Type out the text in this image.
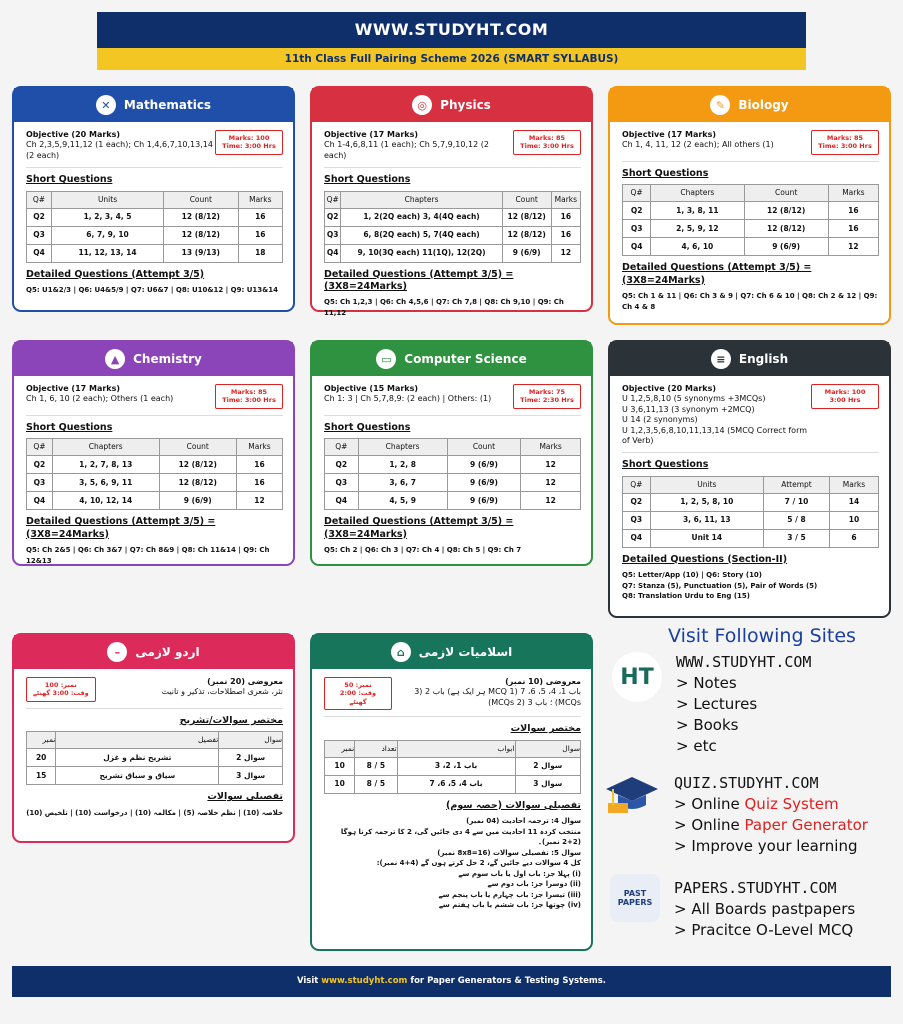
WWW.STUDYHT.COM
11th Class Full Pairing Scheme 2026 (SMART SYLLABUS)
✕	Mathematics
Objective (20 Marks)
Ch 2,3,5,9,11,12 (1 each); Ch 1,4,6,7,10,13,14 (2 each)
Marks: 100
Time: 3:00 Hrs
Short Questions
Q#	Units	Count	Marks
Q2	1, 2, 3, 4, 5	12 (8/12)	16
Q3	6, 7, 9, 10	12 (8/12)	16
Q4	11, 12, 13, 14	13 (9/13)	18
Detailed Questions (Attempt 3/5)
Q5: U1&2/3 | Q6: U4&5/9 | Q7: U6&7 | Q8: U10&12 | Q9: U13&14
◎	Physics
Objective (17 Marks)
Ch 1-4,6,8,11 (1 each); Ch 5,7,9,10,12 (2 each)
Marks: 85
Time: 3:00 Hrs
Short Questions
Q#	Chapters	Count	Marks
Q2	1, 2(2Q each) 3, 4(4Q each)	12 (8/12)	16
Q3	6, 8(2Q each) 5, 7(4Q each)	12 (8/12)	16
Q4	9, 10(3Q each) 11(1Q), 12(2Q)	9 (6/9)	12
Detailed Questions (Attempt 3/5) = (3X8=24Marks)
Q5: Ch 1,2,3 | Q6: Ch 4,5,6 | Q7: Ch 7,8 | Q8: Ch 9,10 | Q9: Ch 11,12
✎	Biology
Objective (17 Marks)
Ch 1, 4, 11, 12 (2 each); All others (1)
Marks: 85
Time: 3:00 Hrs
Short Questions
Q#	Chapters	Count	Marks
Q2	1, 3, 8, 11	12 (8/12)	16
Q3	2, 5, 9, 12	12 (8/12)	16
Q4	4, 6, 10	9 (6/9)	12
Detailed Questions (Attempt 3/5) = (3X8=24Marks)
Q5: Ch 1 & 11 | Q6: Ch 3 & 9 | Q7: Ch 6 & 10 | Q8: Ch 2 & 12 | Q9: Ch 4 & 8
▲	Chemistry
Objective (17 Marks)
Ch 1, 6, 10 (2 each); Others (1 each)
Marks: 85
Time: 3:00 Hrs
Short Questions
Q#	Chapters	Count	Marks
Q2	1, 2, 7, 8, 13	12 (8/12)	16
Q3	3, 5, 6, 9, 11	12 (8/12)	16
Q4	4, 10, 12, 14	9 (6/9)	12
Detailed Questions (Attempt 3/5) = (3X8=24Marks)
Q5: Ch 2&5 | Q6: Ch 3&7 | Q7: Ch 8&9 | Q8: Ch 11&14 | Q9: Ch 12&13
▭	Computer Science
Objective (15 Marks)
Ch 1: 3 | Ch 5,7,8,9: (2 each) | Others: (1)
Marks: 75
Time: 2:30 Hrs
Short Questions
Q#	Chapters	Count	Marks
Q2	1, 2, 8	9 (6/9)	12
Q3	3, 6, 7	9 (6/9)	12
Q4	4, 5, 9	9 (6/9)	12
Detailed Questions (Attempt 3/5) = (3X8=24Marks)
Q5: Ch 2 | Q6: Ch 3 | Q7: Ch 4 | Q8: Ch 5 | Q9: Ch 7
≡	English
Objective (20 Marks)
U 1,2,5,8,10 (5 synonyms +3MCQs)
U 3,6,11,13 (3 synonym +2MCQ)
U 14 (2 synonyms)
U 1,2,3,5,6,8,10,11,13,14 (5MCQ Correct form of Verb)
Marks: 100
3:00 Hrs
Short Questions
Q#	Units	Attempt	Marks
Q2	1, 2, 5, 8, 10	7 / 10	14
Q3	3, 6, 11, 13	5 / 8	10
Q4	Unit 14	3 / 5	6
Detailed Questions (Section-II)
Q5: Letter/App (10) | Q6: Story (10)
Q7: Stanza (5), Punctuation (5), Pair of Words (5)
Q8: Translation Urdu to Eng (15)
–	اردو لازمی
معروضی (20 نمبر)
نثر، شعری اصطلاحات، تذکیر و تانیث
نمبر: 100
وقت: 3:00 گھنٹے
مختصر سوالات/تشریح
سوال	تفصیل	نمبر
سوال 2	تشریح نظم و غزل	20
سوال 3	سیاق و سباق تشریح	15
تفصیلی سوالات
خلاصہ (10) | نظم خلاصہ (5) | مکالمہ (10) | درخواست (10) | تلخیص (10)
⌂	اسلامیات لازمی
معروضی (10 نمبر)
باب 1، 4، 5، 6، 7 (1 MCQ ہر ایک ہے) باب 2 (3 MCQs) ؛ باب 3 (2 MCQs)
نمبر: 50
وقت: 2:00 گھنٹے
مختصر سوالات
سوال	ابواب	تعداد	نمبر
سوال 2	باب 1، 2، 3	5 / 8	10
سوال 3	باب 4، 5، 6، 7	5 / 8	10
تفصیلی سوالات (حصہ سوم)
سوال 4: ترجمہ احادیث (04 نمبر)
منتخب کردہ 11 احادیث میں سے 4 دی جائیں گی، 2 کا ترجمہ کرنا ہوگا (2+2 نمبر)۔
سوال 5: تفصیلی سوالات (16=8x8 نمبر)
کل 4 سوالات دیے جائیں گے، 2 حل کرنے ہوں گے (4+4 نمبر):
(i) پہلا جز: باب اول یا باب سوم سے
(ii) دوسرا جز: باب دوم سے
(iii) تیسرا جز: باب چہارم یا باب پنجم سے
(iv) چوتھا جز: باب ششم یا باب ہفتم سے
Visit Following Sites
HT
WWW.STUDYHT.COM
> Notes
> Lectures
> Books
> etc
QUIZ.STUDYHT.COM
> Online Quiz System
> Online Paper Generator
> Improve your learning
PAST PAPERS
PAPERS.STUDYHT.COM
> All Boards pastpapers
> Pracitce O-Level MCQ
Visit www.studyht.com for Paper Generators & Testing Systems.
